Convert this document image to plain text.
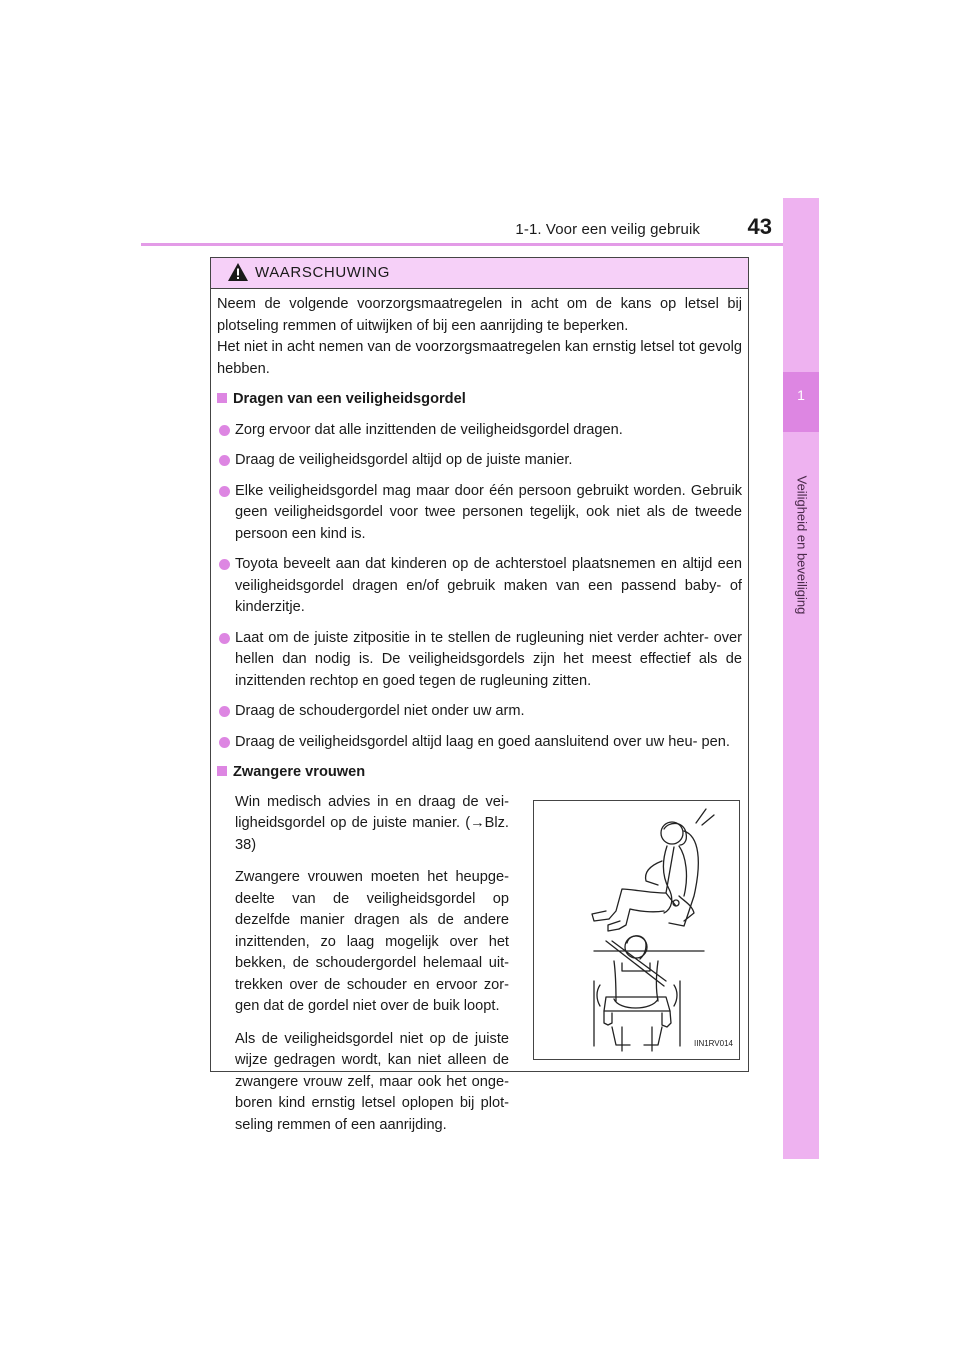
1-1. Voor een veilig gebruik	43
1
Veiligheid en beveiliging
WAARSCHUWING

Neem de volgende voorzorgsmaatregelen in acht om de kans op letsel bij plotseling remmen of uitwijken of bij een aanrijding te beperken.

Het niet in acht nemen van de voorzorgsmaatregelen kan ernstig letsel tot gevolg hebben.

Dragen van een veiligheidsgordel
Zorg ervoor dat alle inzittenden de veiligheidsgordel dragen.
Draag de veiligheidsgordel altijd op de juiste manier.
Elke veiligheidsgordel mag maar door één persoon gebruikt worden. Gebruik geen veiligheidsgordel voor twee personen tegelijk, ook niet als de tweede persoon een kind is.
Toyota beveelt aan dat kinderen op de achterstoel plaatsnemen en altijd een veiligheidsgordel dragen en/of gebruik maken van een passend baby- of kinderzitje.
Laat om de juiste zitpositie in te stellen de rugleuning niet verder achter- over hellen dan nodig is. De veiligheidsgordels zijn het meest effectief als de inzittenden rechtop en goed tegen de rugleuning zitten.
Draag de schoudergordel niet onder uw arm.
Draag de veiligheidsgordel altijd laag en goed aansluitend over uw heu- pen.
Zwangere vrouwen

Win medisch advies in en draag de vei- ligheidsgordel op de juiste manier. (→Blz. 38)

Zwangere vrouwen moeten het heupge- deelte van de veiligheidsgordel op dezelfde manier dragen als de andere inzittenden, zo laag mogelijk over het bekken, de schoudergordel helemaal uit- trekken over de schouder en ervoor zor- gen dat de gordel niet over de buik loopt.

Als de veiligheidsgordel niet op de juiste wijze gedragen wordt, kan niet alleen de zwangere vrouw zelf, maar ook het onge- boren kind ernstig letsel oplopen bij plot- seling remmen of een aanrijding.

IIN1RV014
